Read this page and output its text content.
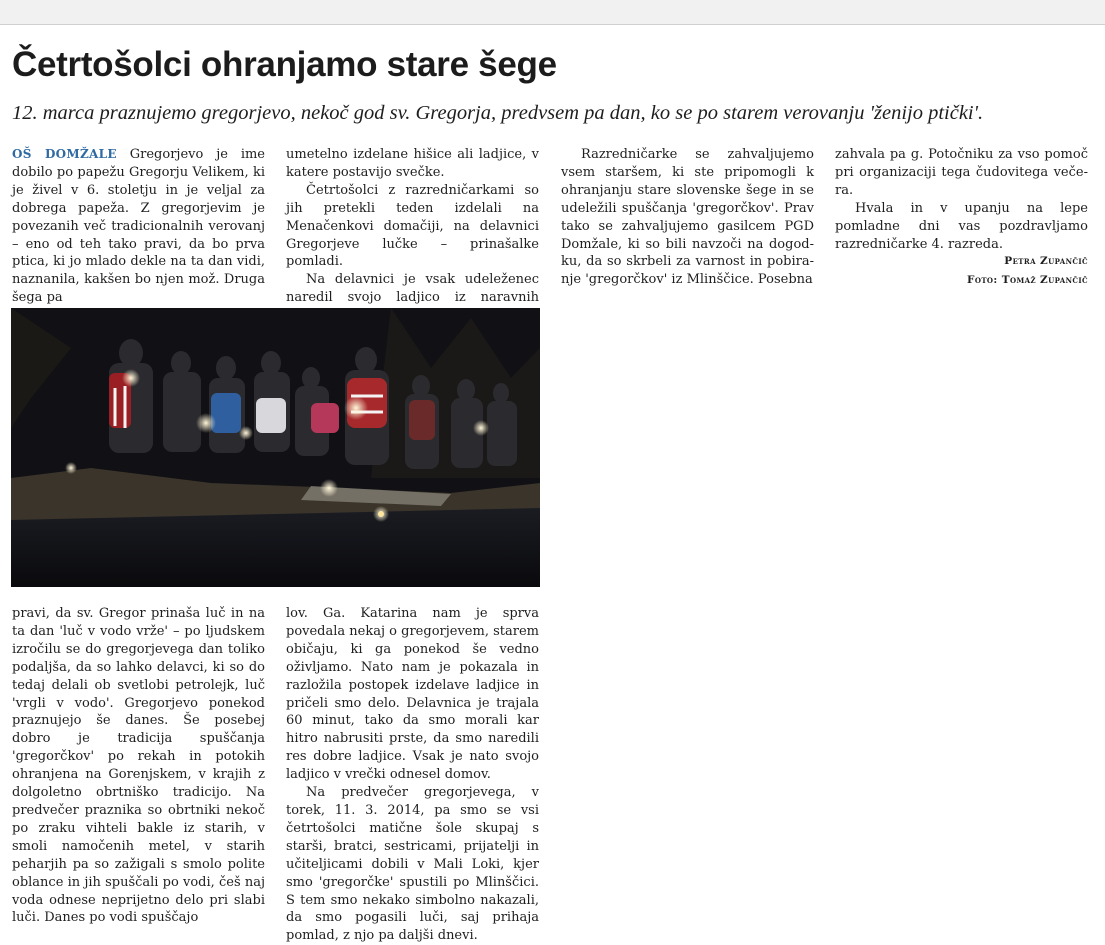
Četrtošolci ohranjamo stare šege

12. marca praznujemo gregorjevo, nekoč god sv. Gregorja, predvsem pa dan, ko se po starem verovanju 'ženijo ptički'.

OŠ DOMŽALE Gregorjevo je ime dobilo po papežu Gregorju Velikem, ki je živel v 6. stoletju in je veljal za dobrega papeža. Z gregorjevim je povezanih več tradicionalnih verovanj – eno od teh tako pravi, da bo prva ptica, ki jo mlado dekle na ta dan vidi, naznanila, kakšen bo njen mož. Druga šega pa

umetelno izdelane hišice ali ladjice, v katere postavijo svečke.

Četrtošolci z razredničarkami so jih pretekli teden izdelali na Menačenkovi domačiji, na delavnici Gregorjeve lučke – prinašalke pomladi.

Na delavnici je vsak udeleženec naredil svojo ladjico iz naravnih

Razredničarke se zahvaljujemo vsem staršem, ki ste pripomogli k ohranjanju stare slovenske šege in se udeležili spuščanja 'gregorčkov'. Prav tako se zahvaljujemo gasilcem PGD Domžale, ki so bili navzoči na dogodku, da so skrbeli za varnost in pobiranje 'gregorčkov' iz Mlinščice. Posebna

zahvala pa g. Potočniku za vso pomoč pri organizaciji tega čudovitega večera.

Hvala in v upanju na lepe pomladne dni vas pozdravljamo razredničarke 4. razreda.

Petra Zupančič
Foto: Tomaž Zupančič

pravi, da sv. Gregor prinaša luč in na ta dan 'luč v vodo vrže' – po ljudskem izročilu se do gregorjevega dan toliko podaljša, da so lahko delavci, ki so do tedaj delali ob svetlobi petrolejk, luč 'vrgli v vodo'. Gregorjevo ponekod praznujejo še danes. Še posebej dobro je tradicija spuščanja 'gregorčkov' po rekah in potokih ohranjena na Gorenjskem, v krajih z dolgoletno obrtniško tradicijo. Na predvečer praznika so obrtniki nekoč po zraku vihteli bakle iz starih, v smoli namočenih metel, v starih peharjih pa so zažigali s smolo polite oblance in jih spuščali po vodi, češ naj voda odnese neprijetno delo pri slabi luči. Danes po vodi spuščajo

lov. Ga. Katarina nam je sprva povedala nekaj o gregorjevem, starem običaju, ki ga ponekod še vedno oživljamo. Nato nam je pokazala in razložila postopek izdelave ladjice in pričeli smo delo. Delavnica je trajala 60 minut, tako da smo morali kar hitro nabrusiti prste, da smo naredili res dobre ladjice. Vsak je nato svojo ladjico v vrečki odnesel domov.

Na predvečer gregorjevega, v torek, 11. 3. 2014, pa smo se vsi četrtošolci matične šole skupaj s starši, bratci, sestricami, prijatelji in učiteljicami dobili v Mali Loki, kjer smo 'gregorčke' spustili po Mlinščici. S tem smo nekako simbolno nakazali, da smo pogasili luči, saj prihaja pomlad, z njo pa daljši dnevi.
